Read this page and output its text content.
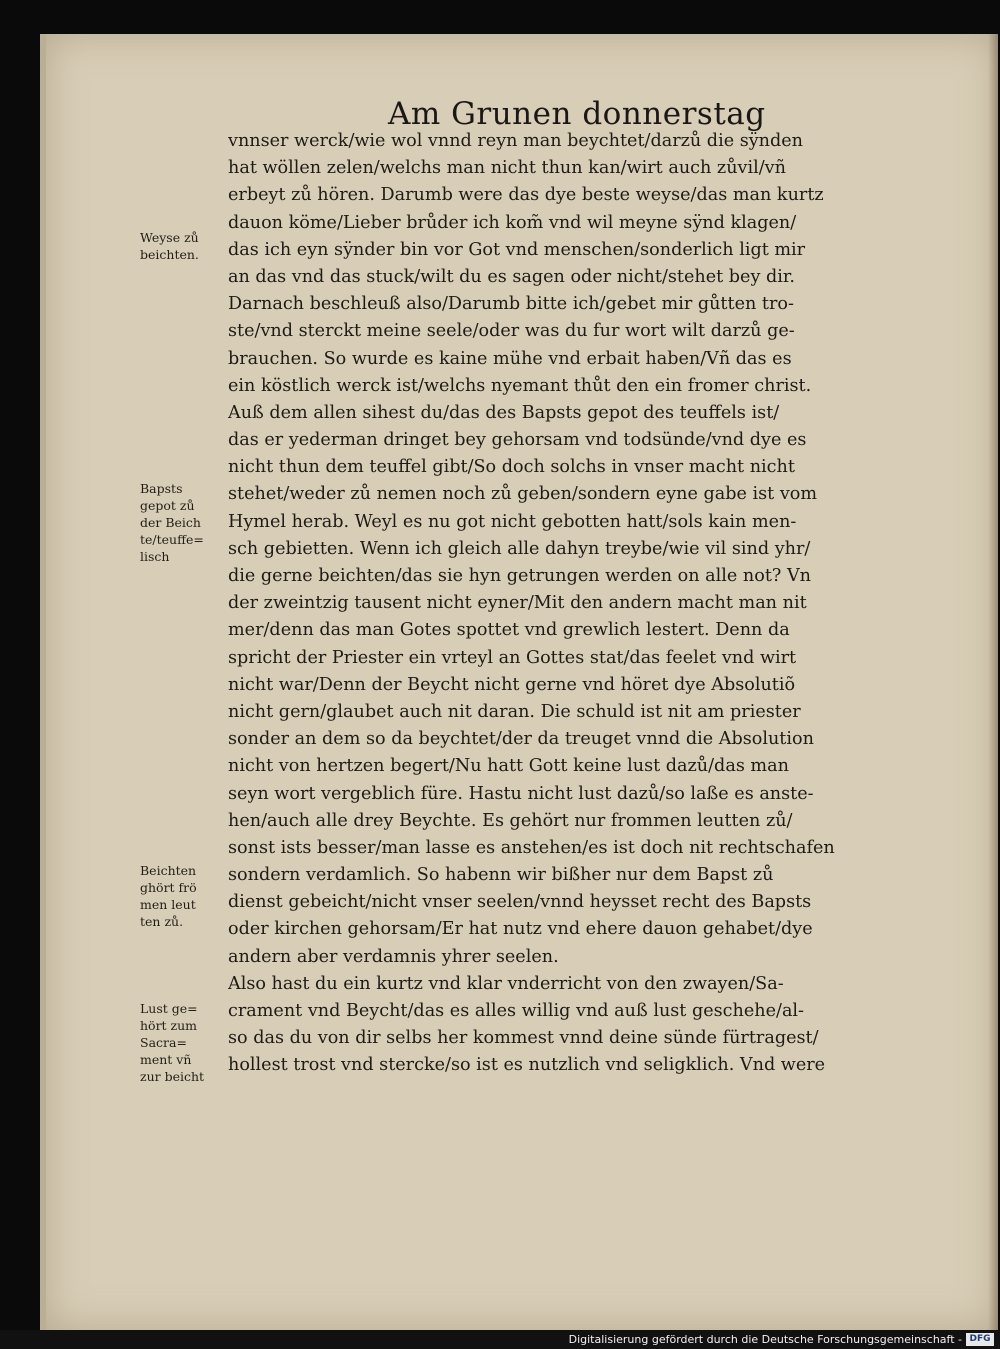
Am Grunen donnerstag
vnnser werck/wie wol vnnd reyn man beychtet/darzů die sÿnden
hat wöllen zelen/welchs man nicht thun kan/wirt auch zůvil/vñ
erbeyt zů hören. Darumb were das dye beste weyse/das man kurtz
dauon köme/Lieber brůder ich kom̃ vnd wil meyne sÿnd klagen/
das ich eyn sÿnder bin vor Got vnd menschen/sonderlich ligt mir
an das vnd das stuck/wilt du es sagen oder nicht/stehet bey dir.
Darnach beschleuß also/Darumb bitte ich/gebet mir gůtten tro-
ste/vnd sterckt meine seele/oder was du fur wort wilt darzů ge-
brauchen. So wurde es kaine mühe vnd erbait haben/Vñ das es
ein köstlich werck ist/welchs nyemant thůt den ein fromer christ.
Auß dem allen sihest du/das des Bapsts gepot des teuffels ist/
das er yederman dringet bey gehorsam vnd todsünde/vnd dye es
nicht thun dem teuffel gibt/So doch solchs in vnser macht nicht
stehet/weder zů nemen noch zů geben/sondern eyne gabe ist vom
Hymel herab. Weyl es nu got nicht gebotten hatt/sols kain men-
sch gebietten. Wenn ich gleich alle dahyn treybe/wie vil sind yhr/
die gerne beichten/das sie hyn getrungen werden on alle not? Vn
der zweintzig tausent nicht eyner/Mit den andern macht man nit
mer/denn das man Gotes spottet vnd grewlich lestert. Denn da
spricht der Priester ein vrteyl an Gottes stat/das feelet vnd wirt
nicht war/Denn der Beycht nicht gerne vnd höret dye Absolutiõ
nicht gern/glaubet auch nit daran. Die schuld ist nit am priester
sonder an dem so da beychtet/der da treuget vnnd die Absolution
nicht von hertzen begert/Nu hatt Gott keine lust dazů/das man
seyn wort vergeblich füre. Hastu nicht lust dazů/so laße es anste-
hen/auch alle drey Beychte. Es gehört nur frommen leutten zů/
sonst ists besser/man lasse es anstehen/es ist doch nit rechtschafen
sondern verdamlich. So habenn wir bißher nur dem Bapst zů
dienst gebeicht/nicht vnser seelen/vnnd heysset recht des Bapsts
oder kirchen gehorsam/Er hat nutz vnd ehere dauon gehabet/dye
andern aber verdamnis yhrer seelen.
Also hast du ein kurtz vnd klar vnderricht von den zwayen/Sa-
crament vnd Beycht/das es alles willig vnd auß lust geschehe/al-
so das du von dir selbs her kommest vnnd deine sünde fürtragest/
hollest trost vnd stercke/so ist es nutzlich vnd seligklich. Vnd were
Weyse zů
beichten.
Bapsts
gepot zů
der Beich
te/teuffe=
lisch
Beichten
ghört frö
men leut
ten zů.
Lust ge=
hört zum
Sacra=
ment vñ
zur beicht
Digitalisierung gefördert durch die Deutsche Forschungsgemeinschaft - DFG
